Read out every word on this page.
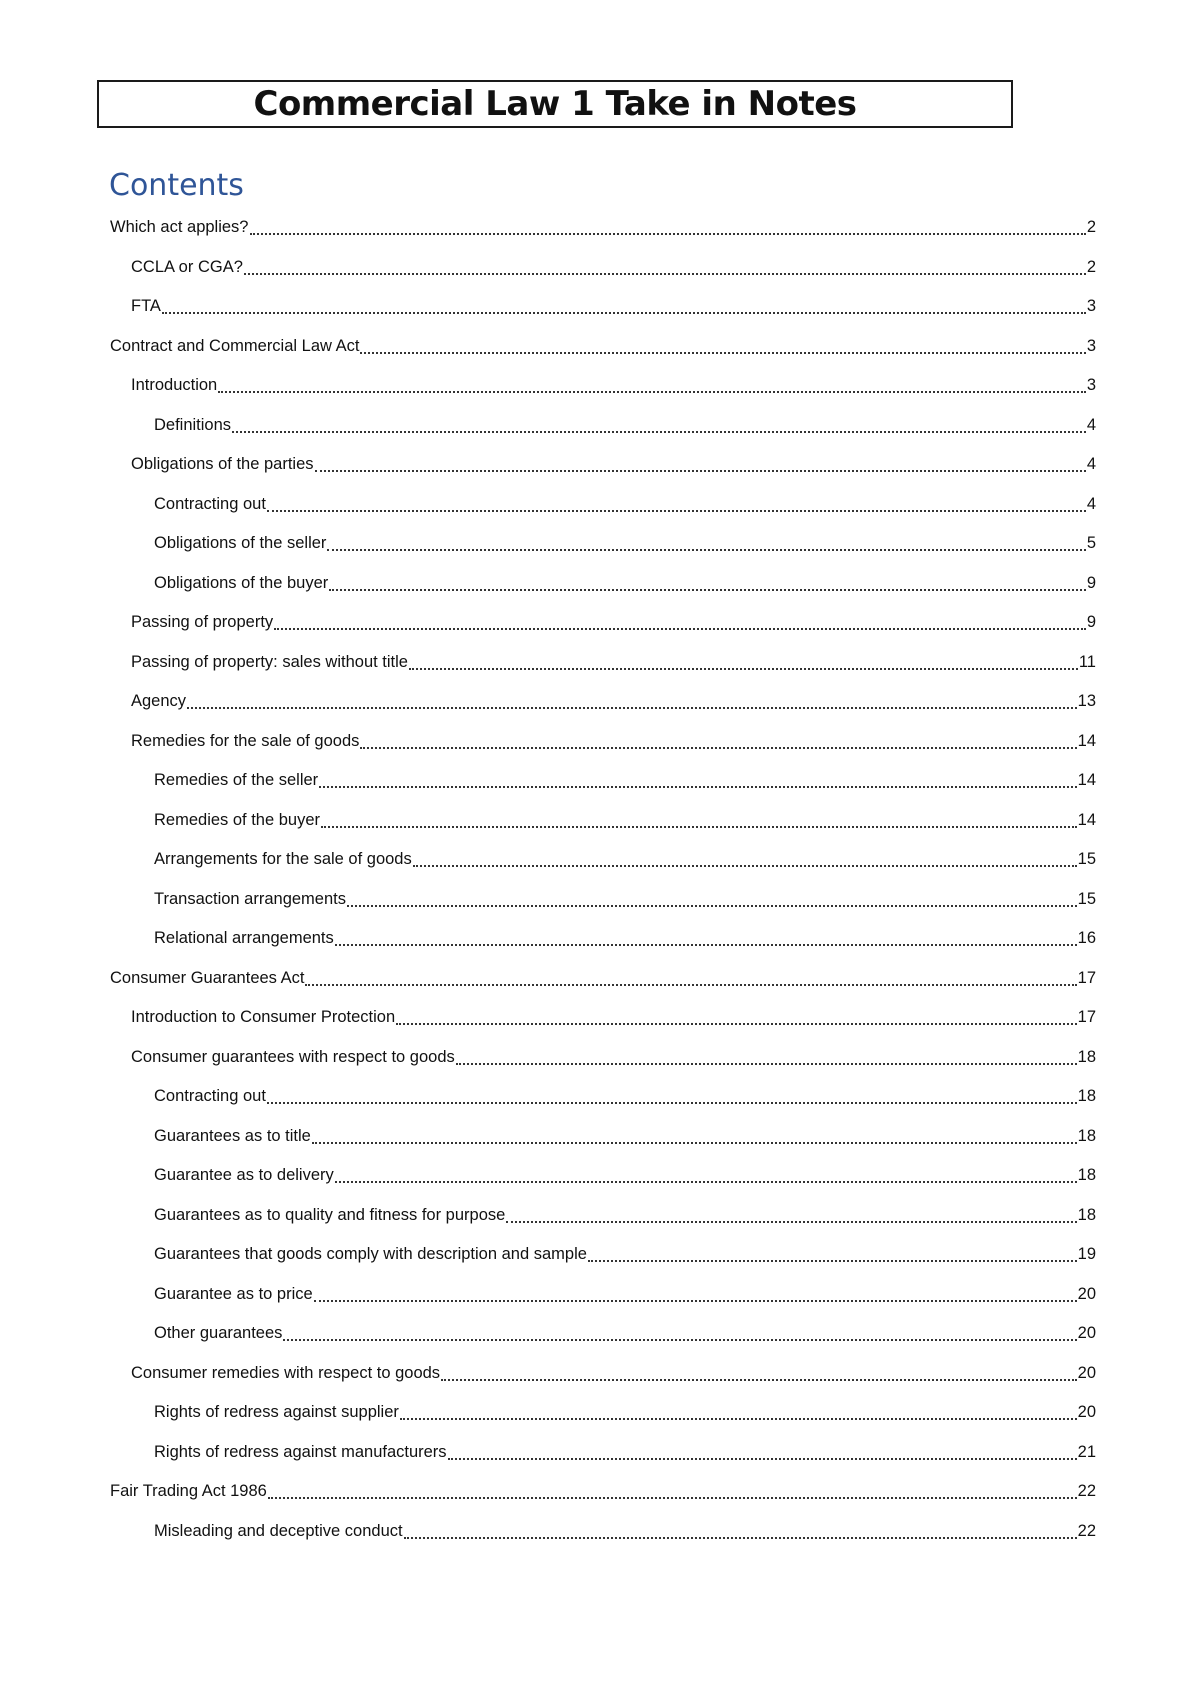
Commercial Law 1 Take in Notes
Contents
Which act applies?	2
CCLA or CGA?	2
FTA	3
Contract and Commercial Law Act	3
Introduction	3
Definitions	4
Obligations of the parties	4
Contracting out	4
Obligations of the seller	5
Obligations of the buyer	9
Passing of property	9
Passing of property: sales without title	11
Agency	13
Remedies for the sale of goods	14
Remedies of the seller	14
Remedies of the buyer	14
Arrangements for the sale of goods	15
Transaction arrangements	15
Relational arrangements	16
Consumer Guarantees Act	17
Introduction to Consumer Protection	17
Consumer guarantees with respect to goods	18
Contracting out	18
Guarantees as to title	18
Guarantee as to delivery	18
Guarantees as to quality and fitness for purpose	18
Guarantees that goods comply with description and sample	19
Guarantee as to price	20
Other guarantees	20
Consumer remedies with respect to goods	20
Rights of redress against supplier	20
Rights of redress against manufacturers	21
Fair Trading Act 1986	22
Misleading and deceptive conduct	22
